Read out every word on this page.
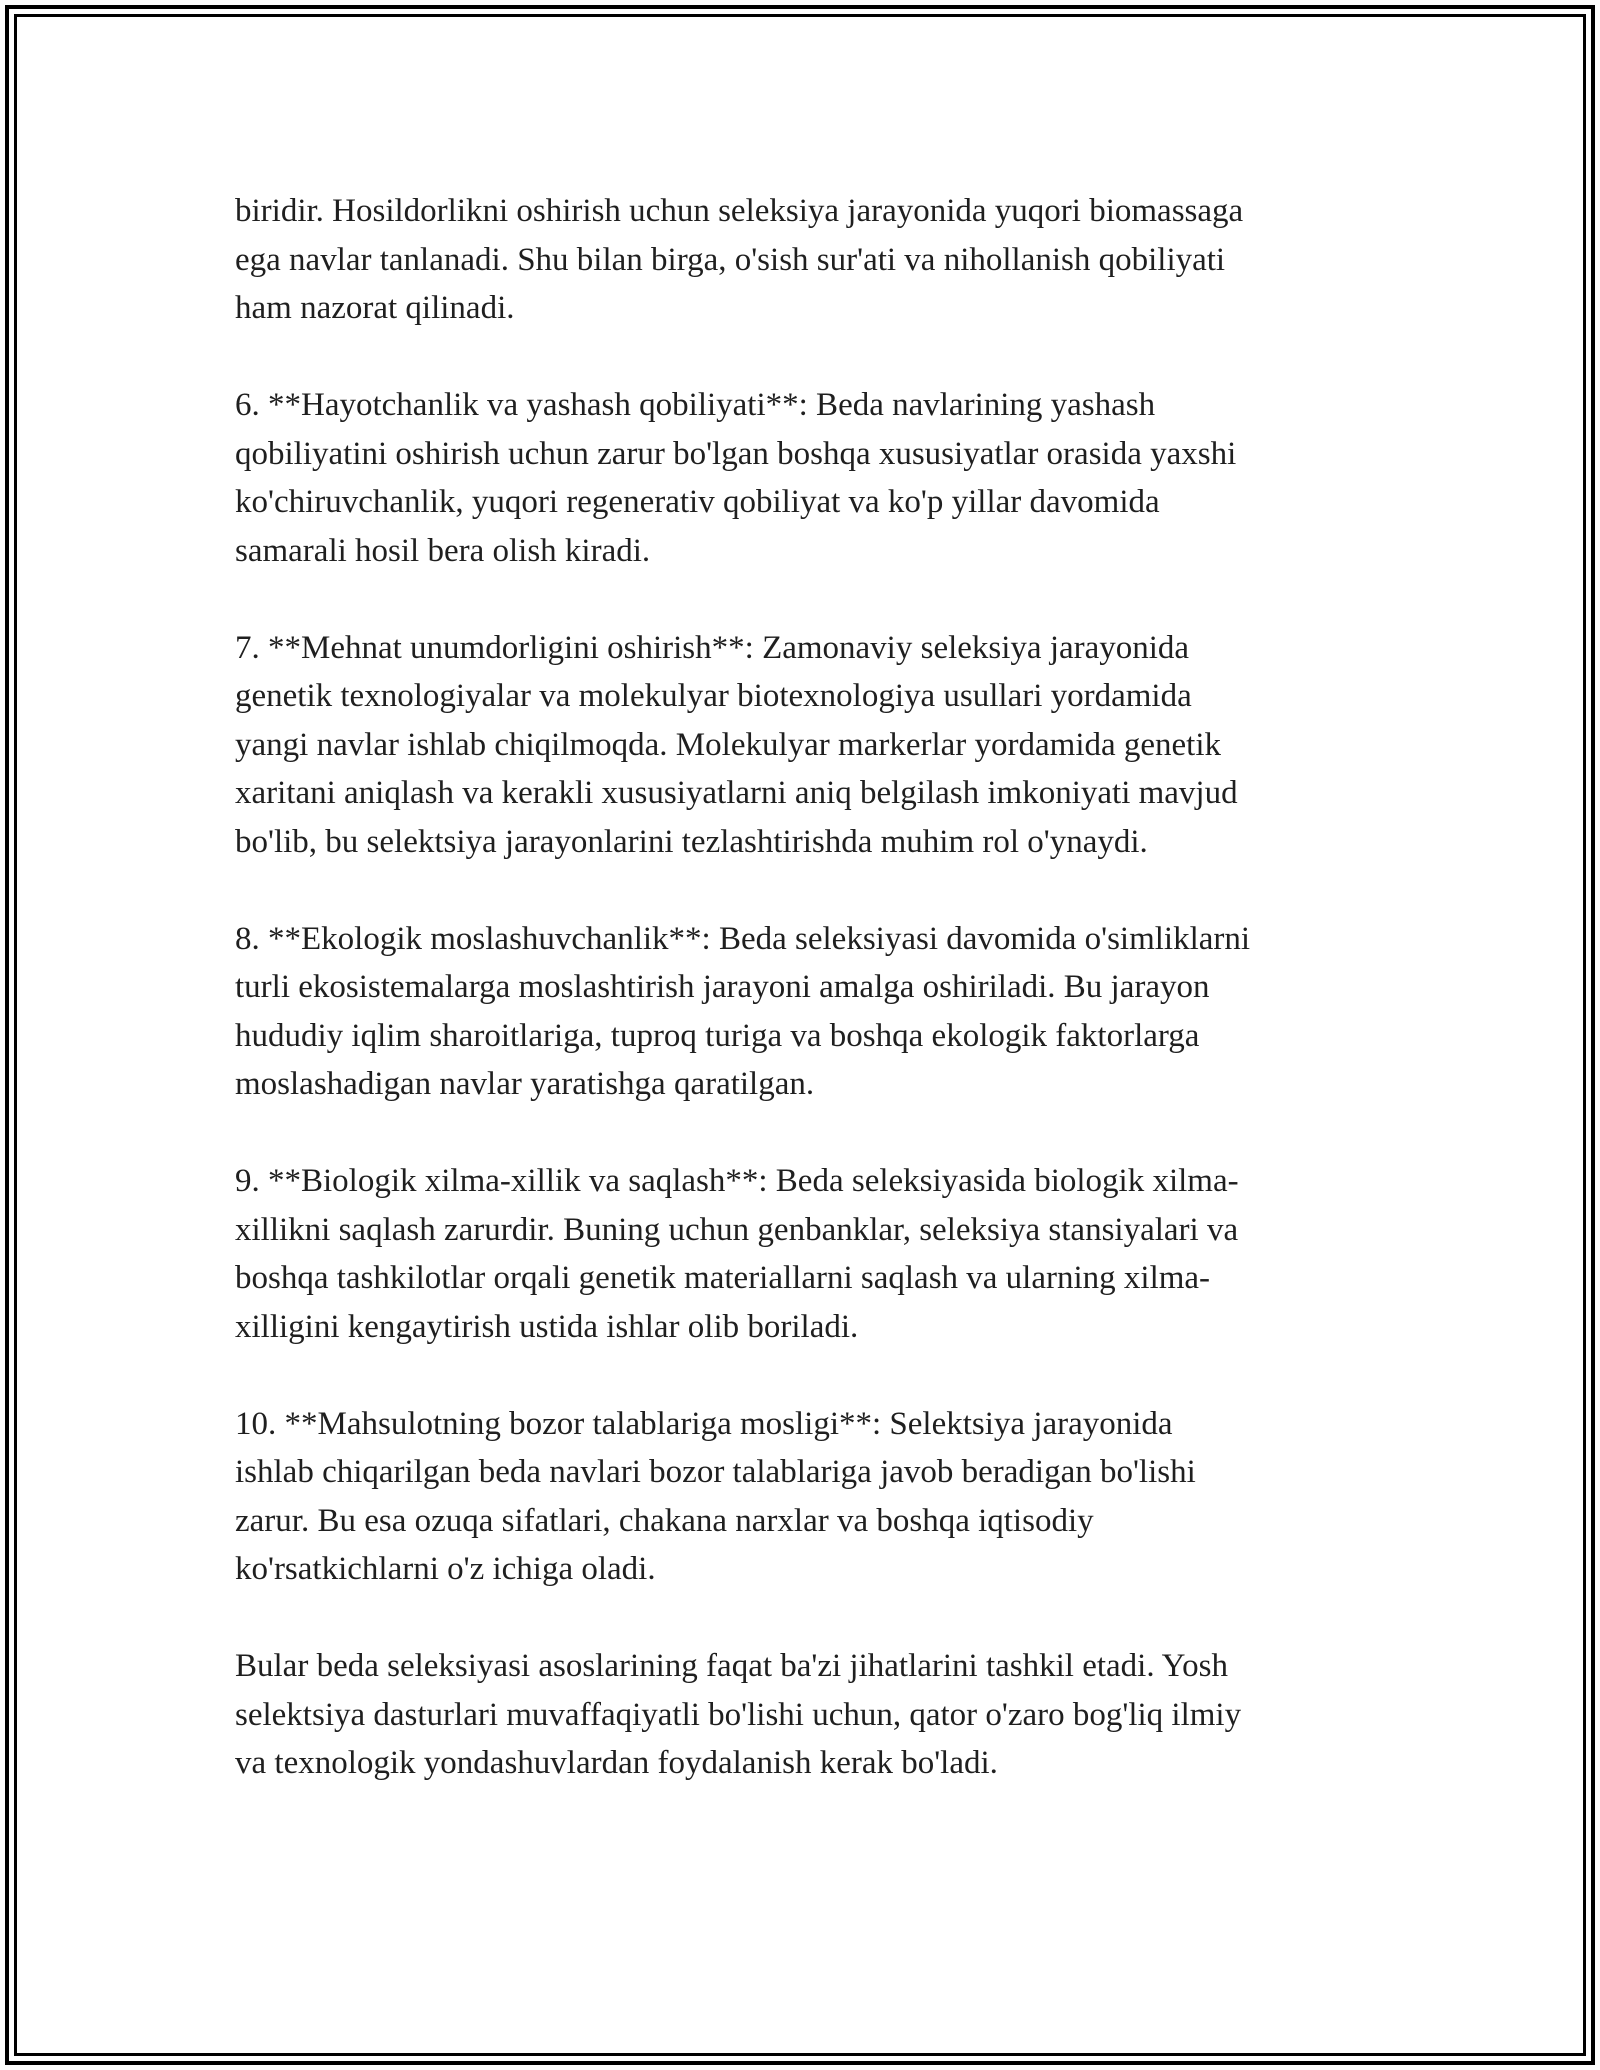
biridir. Hosildorlikni oshirish uchun seleksiya jarayonida yuqori biomassaga
ega navlar tanlanadi. Shu bilan birga, o'sish sur'ati va nihollanish qobiliyati
ham nazorat qilinadi.

6. **Hayotchanlik va yashash qobiliyati**: Beda navlarining yashash
qobiliyatini oshirish uchun zarur bo'lgan boshqa xususiyatlar orasida yaxshi
ko'chiruvchanlik, yuqori regenerativ qobiliyat va ko'p yillar davomida
samarali hosil bera olish kiradi.

7. **Mehnat unumdorligini oshirish**: Zamonaviy seleksiya jarayonida
genetik texnologiyalar va molekulyar biotexnologiya usullari yordamida
yangi navlar ishlab chiqilmoqda. Molekulyar markerlar yordamida genetik
xaritani aniqlash va kerakli xususiyatlarni aniq belgilash imkoniyati mavjud
bo'lib, bu selektsiya jarayonlarini tezlashtirishda muhim rol o'ynaydi.

8. **Ekologik moslashuvchanlik**: Beda seleksiyasi davomida o'simliklarni
turli ekosistemalarga moslashtirish jarayoni amalga oshiriladi. Bu jarayon
hududiy iqlim sharoitlariga, tuproq turiga va boshqa ekologik faktorlarga
moslashadigan navlar yaratishga qaratilgan.

9. **Biologik xilma-xillik va saqlash**: Beda seleksiyasida biologik xilma-
xillikni saqlash zarurdir. Buning uchun genbanklar, seleksiya stansiyalari va
boshqa tashkilotlar orqali genetik materiallarni saqlash va ularning xilma-
xilligini kengaytirish ustida ishlar olib boriladi.

10. **Mahsulotning bozor talablariga mosligi**: Selektsiya jarayonida
ishlab chiqarilgan beda navlari bozor talablariga javob beradigan bo'lishi
zarur. Bu esa ozuqa sifatlari, chakana narxlar va boshqa iqtisodiy
ko'rsatkichlarni o'z ichiga oladi.

Bular beda seleksiyasi asoslarining faqat ba'zi jihatlarini tashkil etadi. Yosh
selektsiya dasturlari muvaffaqiyatli bo'lishi uchun, qator o'zaro bog'liq ilmiy
va texnologik yondashuvlardan foydalanish kerak bo'ladi.
